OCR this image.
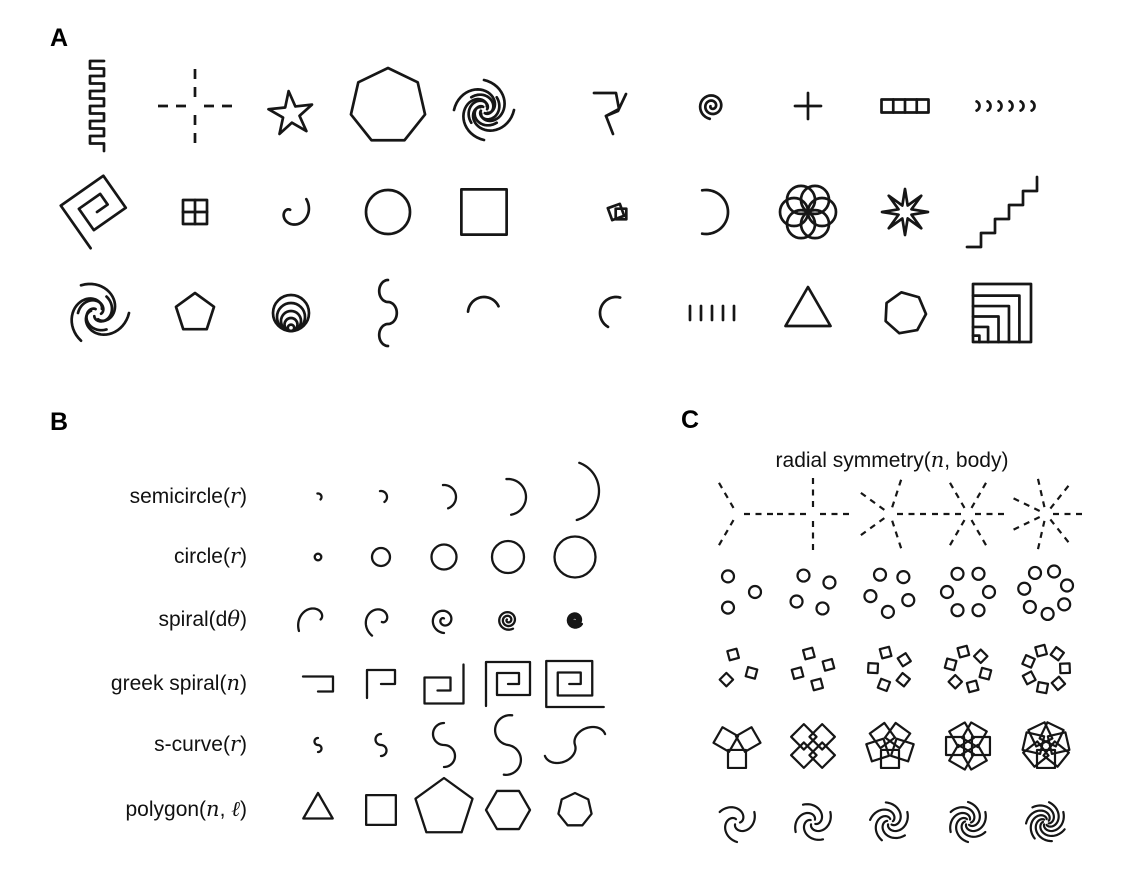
A
B	C
semicircle(r)
circle(r)
spiral(dθ)
greek spiral(n)
s-curve(r)
polygon(n, ℓ)
radial symmetry(n, body)
